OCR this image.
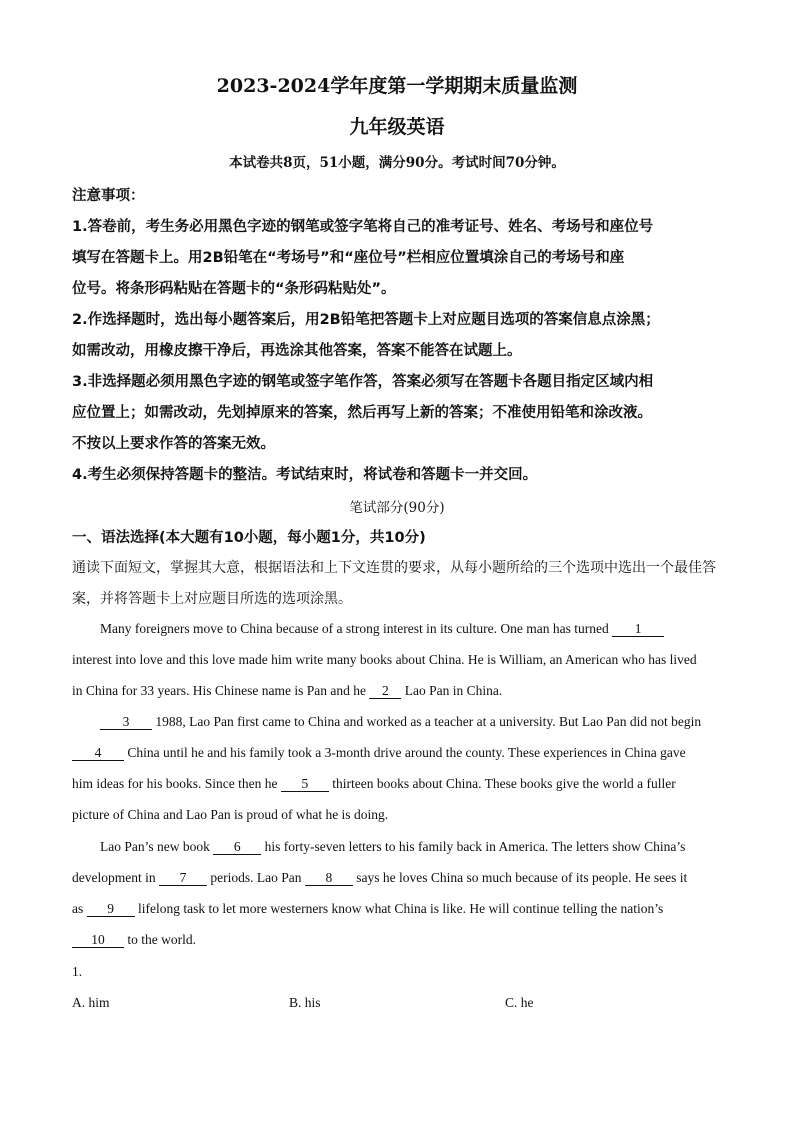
2023-2024学年度第一学期期末质量监测
九年级英语
本试卷共8页，51小题，满分90分。考试时间70分钟。
注意事项：
1.答卷前，考生务必用黑色字迹的钢笔或签字笔将自己的准考证号、姓名、考场号和座位号
填写在答题卡上。用2B铅笔在“考场号”和“座位号”栏相应位置填涂自己的考场号和座
位号。将条形码粘贴在答题卡的“条形码粘贴处”。
2.作选择题时，选出每小题答案后，用2B铅笔把答题卡上对应题目选项的答案信息点涂黑；
如需改动，用橡皮擦干净后，再选涂其他答案，答案不能答在试题上。
3.非选择题必须用黑色字迹的钢笔或签字笔作答，答案必须写在答题卡各题目指定区域内相
应位置上；如需改动，先划掉原来的答案，然后再写上新的答案；不准使用铅笔和涂改液。
不按以上要求作答的答案无效。
4.考生必须保持答题卡的整洁。考试结束时，将试卷和答题卡一并交回。
笔试部分(90分)
一、语法选择(本大题有10小题，每小题1分，共10分)
通读下面短文，掌握其大意，根据语法和上下文连贯的要求，从每小题所给的三个选项中选出一个最佳答
案，并将答题卡上对应题目所选的选项涂黑。
Many foreigners move to China because of a strong interest in its culture. One man has turned 1
interest into love and this love made him write many books about China. He is William, an American who has lived
in China for 33 years. His Chinese name is Pan and he 2 Lao Pan in China.
3 1988, Lao Pan first came to China and worked as a teacher at a university. But Lao Pan did not begin
4 China until he and his family took a 3-month drive around the county. These experiences in China gave
him ideas for his books. Since then he 5 thirteen books about China. These books give the world a fuller
picture of China and Lao Pan is proud of what he is doing.
Lao Pan’s new book 6 his forty-seven letters to his family back in America. The letters show China’s
development in 7 periods. Lao Pan 8 says he loves China so much because of its people. He sees it
as 9 lifelong task to let more westerners know what China is like. He will continue telling the nation’s
10 to the world.
1.
A. him	B. his	C. he
